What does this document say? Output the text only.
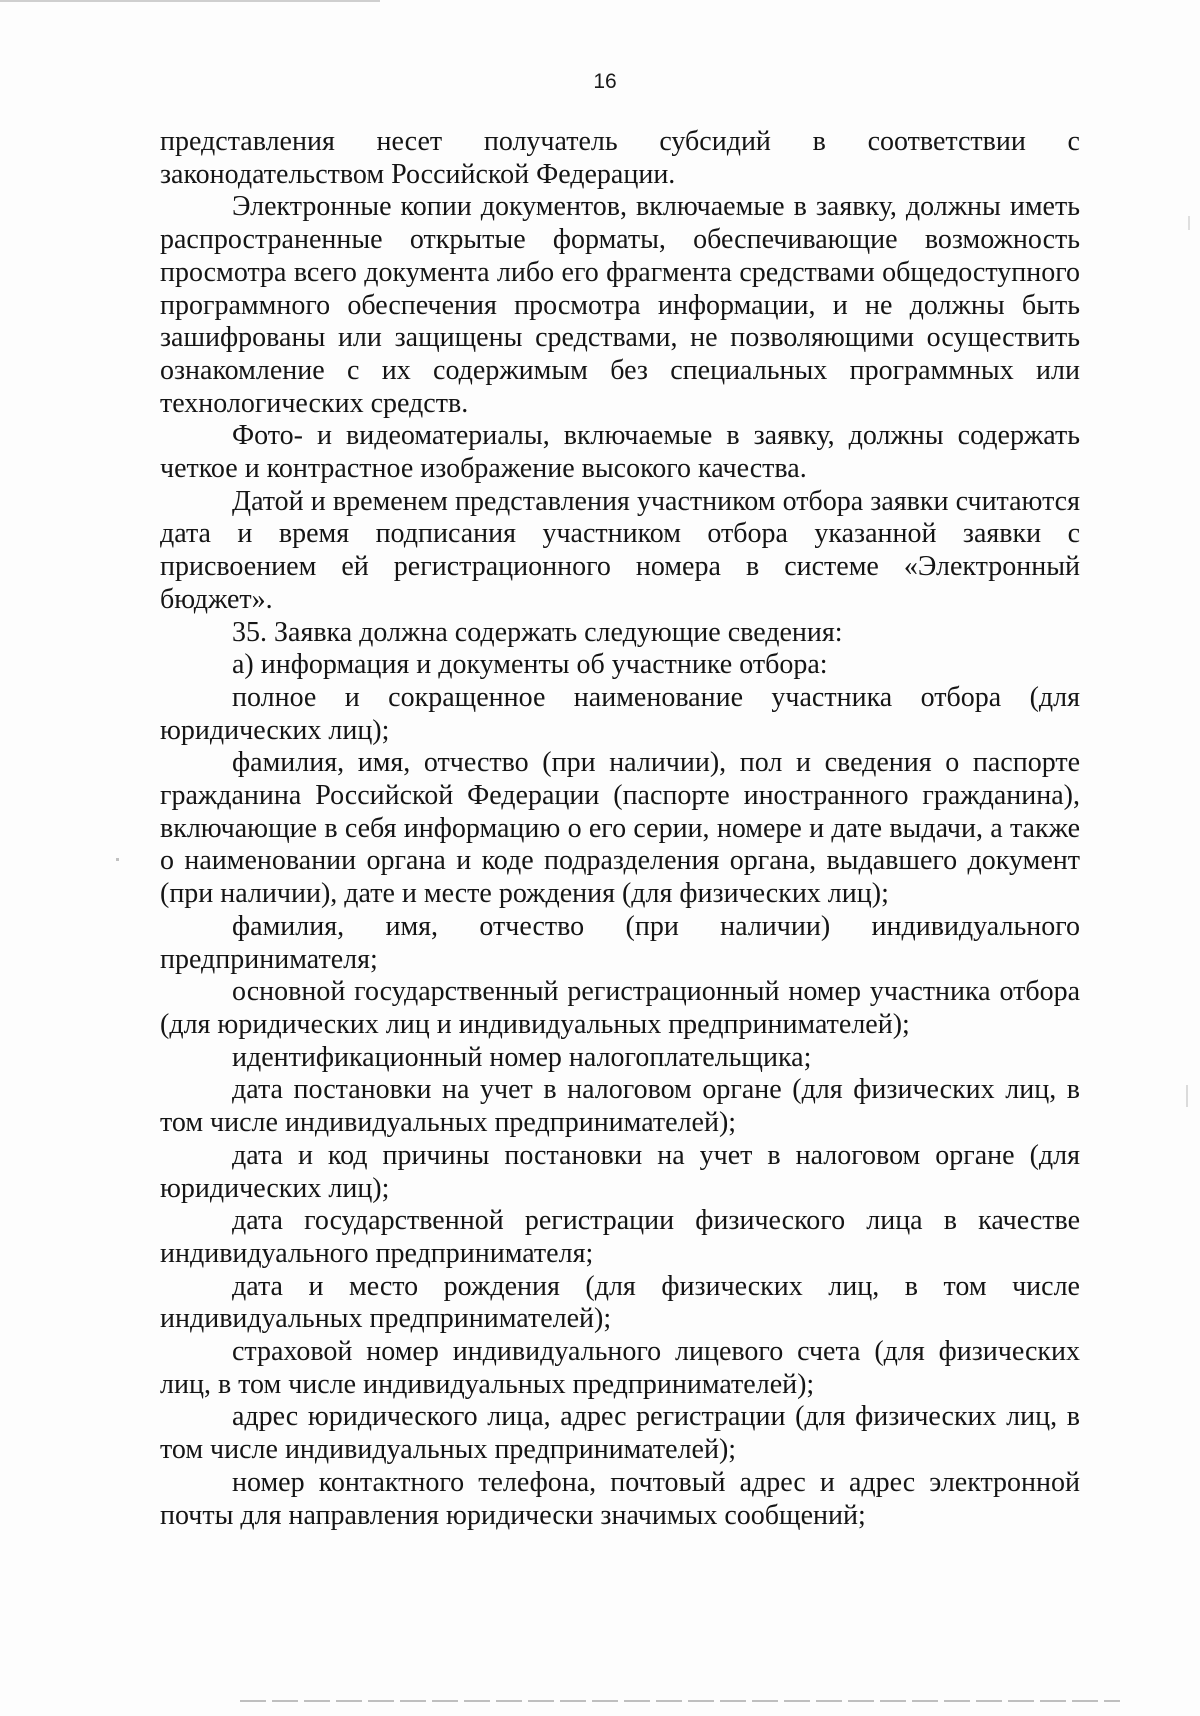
16

представления несет получатель субсидий в соответствии с законодательством Российской Федерации.

Электронные копии документов, включаемые в заявку, должны иметь распространенные открытые форматы, обеспечивающие возможность просмотра всего документа либо его фрагмента средствами общедоступного программного обеспечения просмотра информации, и не должны быть зашифрованы или защищены средствами, не позволяющими осуществить ознакомление с их содержимым без специальных программных или технологических средств.

Фото- и видеоматериалы, включаемые в заявку, должны содержать четкое и контрастное изображение высокого качества.

Датой и временем представления участником отбора заявки считаются дата и время подписания участником отбора указанной заявки с присвоением ей регистрационного номера в системе «Электронный бюджет».

35. Заявка должна содержать следующие сведения:

а) информация и документы об участнике отбора:

полное и сокращенное наименование участника отбора (для юридических лиц);

фамилия, имя, отчество (при наличии), пол и сведения о паспорте гражданина Российской Федерации (паспорте иностранного гражданина), включающие в себя информацию о его серии, номере и дате выдачи, а также о наименовании органа и коде подразделения органа, выдавшего документ (при наличии), дате и месте рождения (для физических лиц);

фамилия, имя, отчество (при наличии) индивидуального предпринимателя;

основной государственный регистрационный номер участника отбора (для юридических лиц и индивидуальных предпринимателей);

идентификационный номер налогоплательщика;

дата постановки на учет в налоговом органе (для физических лиц, в том числе индивидуальных предпринимателей);

дата и код причины постановки на учет в налоговом органе (для юридических лиц);

дата государственной регистрации физического лица в качестве индивидуального предпринимателя;

дата и место рождения (для физических лиц, в том числе индивидуальных предпринимателей);

страховой номер индивидуального лицевого счета (для физических лиц, в том числе индивидуальных предпринимателей);

адрес юридического лица, адрес регистрации (для физических лиц, в том числе индивидуальных предпринимателей);

номер контактного телефона, почтовый адрес и адрес электронной почты для направления юридически значимых сообщений;
